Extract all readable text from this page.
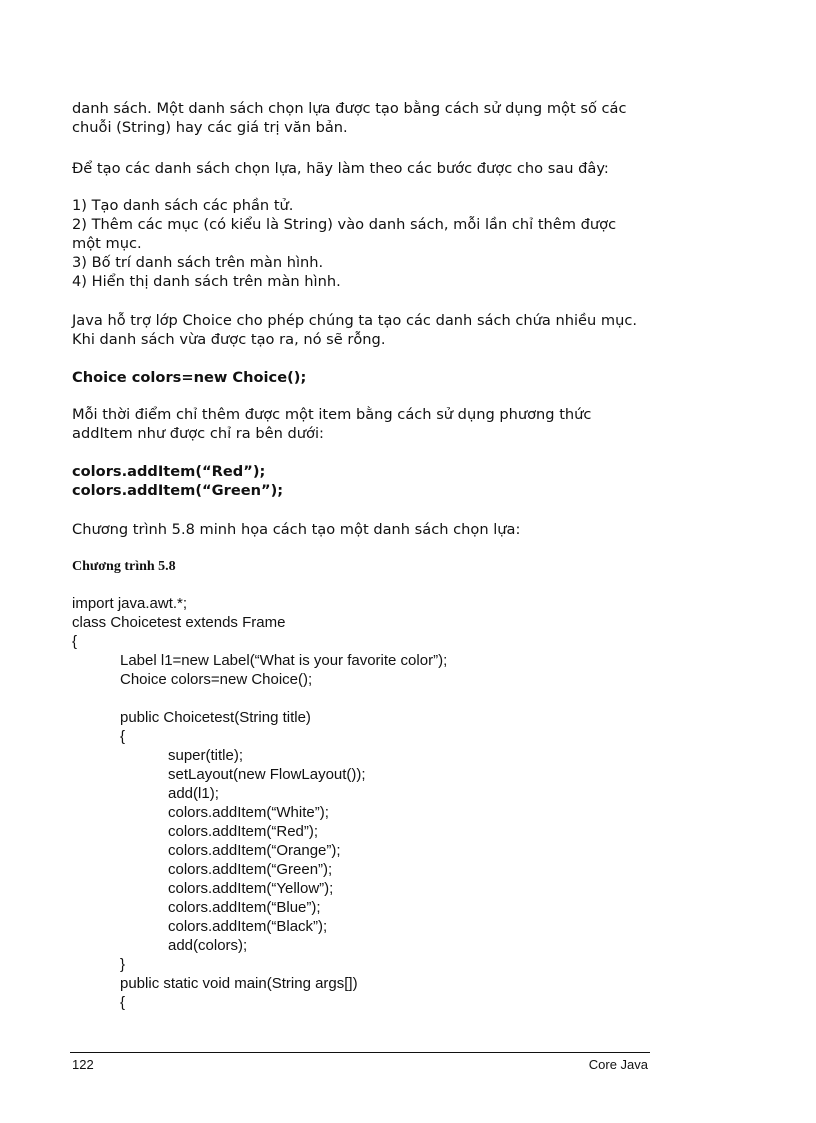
danh sách. Một danh sách chọn lựa được tạo bằng cách sử dụng một số các
chuỗi (String) hay các giá trị văn bản.
Để tạo các danh sách chọn lựa, hãy làm theo các bước được cho sau đây:
1) Tạo danh sách các phần tử.
2) Thêm các mục (có kiểu là String) vào danh sách, mỗi lần chỉ thêm được
một mục.
3) Bố trí danh sách trên màn hình.
4) Hiển thị danh sách trên màn hình.
Java hỗ trợ lớp Choice cho phép chúng ta tạo các danh sách chứa nhiều mục.
Khi danh sách vừa được tạo ra, nó sẽ rỗng.
Choice colors=new Choice();
Mỗi thời điểm chỉ thêm được một item bằng cách sử dụng phương thức
addItem như được chỉ ra bên dưới:
colors.addItem(“Red”);
colors.addItem(“Green”);
Chương trình 5.8 minh họa cách tạo một danh sách chọn lựa:
Chương trình 5.8
import java.awt.*;
class Choicetest extends Frame
{
Label l1=new Label(“What is your favorite color”);
Choice colors=new Choice();
public Choicetest(String title)
{
super(title);
setLayout(new FlowLayout());
add(l1);
colors.addItem(“White”);
colors.addItem(“Red”);
colors.addItem(“Orange”);
colors.addItem(“Green”);
colors.addItem(“Yellow”);
colors.addItem(“Blue”);
colors.addItem(“Black”);
add(colors);
}
public static void main(String args[])
{
122	Core Java
